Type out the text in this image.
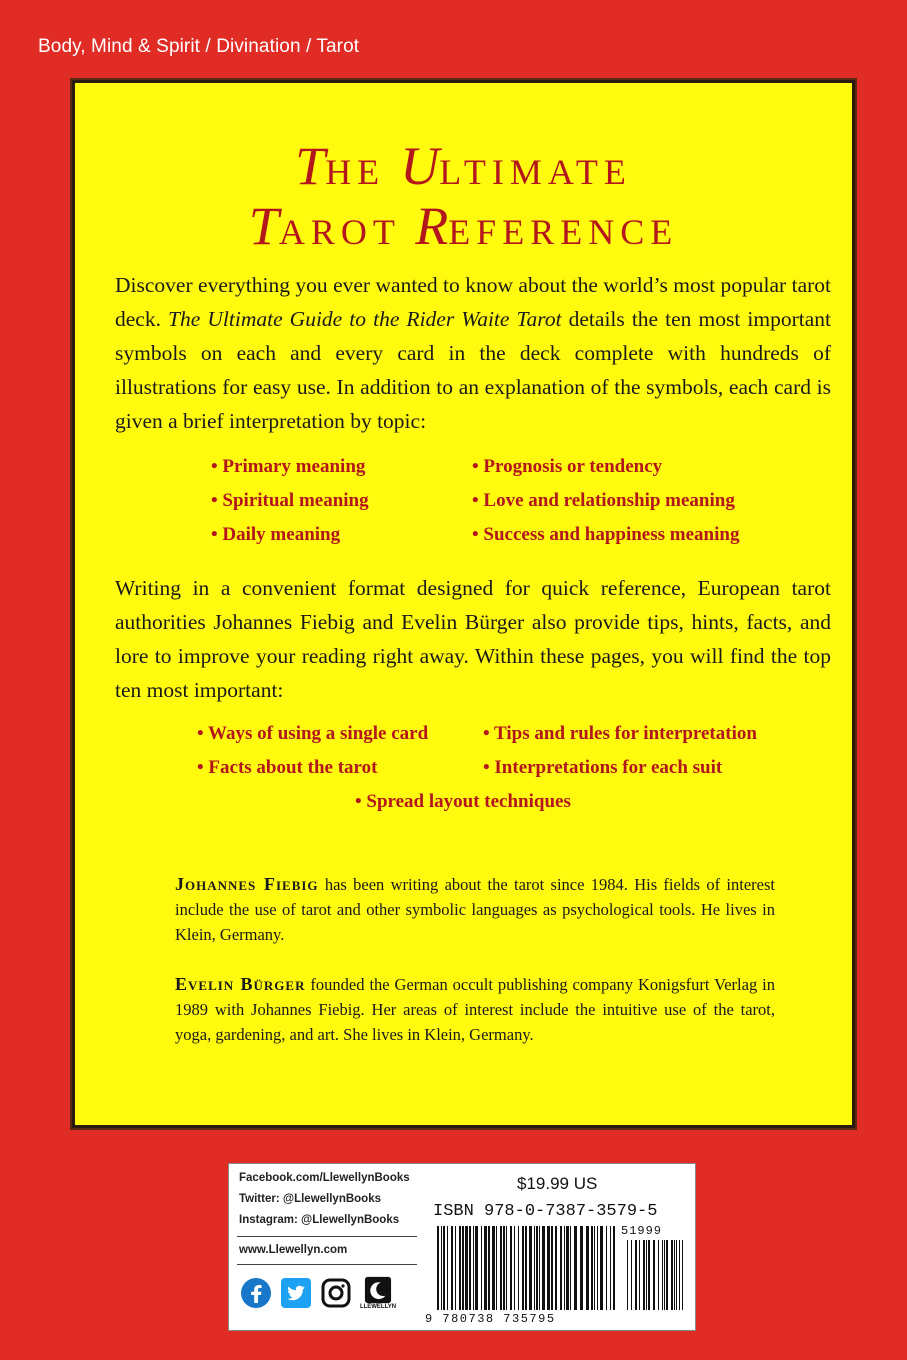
Body, Mind & Spirit / Divination / Tarot
THE ULTIMATE
TAROT REFERENCE
Discover everything you ever wanted to know about the world’s most popular tarot deck. The Ultimate Guide to the Rider Waite Tarot details the ten most important symbols on each and every card in the deck complete with hundreds of illustrations for easy use. In addition to an explanation of the symbols, each card is given a brief interpretation by topic:
• Primary meaning
• Spiritual meaning
• Daily meaning
• Prognosis or tendency
• Love and relationship meaning
• Success and happiness meaning
Writing in a convenient format designed for quick reference, European tarot authorities Johannes Fiebig and Evelin Bürger also provide tips, hints, facts, and lore to improve your reading right away. Within these pages, you will find the top ten most important:
• Ways of using a single card
• Facts about the tarot
• Tips and rules for interpretation
• Interpretations for each suit
• Spread layout techniques
Johannes Fiebig has been writing about the tarot since 1984. His fields of interest include the use of tarot and other symbolic languages as psychological tools. He lives in Klein, Germany.
Evelin Bürger founded the German occult publishing company Konigsfurt Verlag in 1989 with Johannes Fiebig. Her areas of interest include the intuitive use of the tarot, yoga, gardening, and art. She lives in Klein, Germany.
Facebook.com/LlewellynBooks
Twitter: @LlewellynBooks
Instagram: @LlewellynBooks
www.Llewellyn.com
LLEWELLYN
$19.99 US
ISBN 978-0-7387-3579-5
51999
9 780738 735795
